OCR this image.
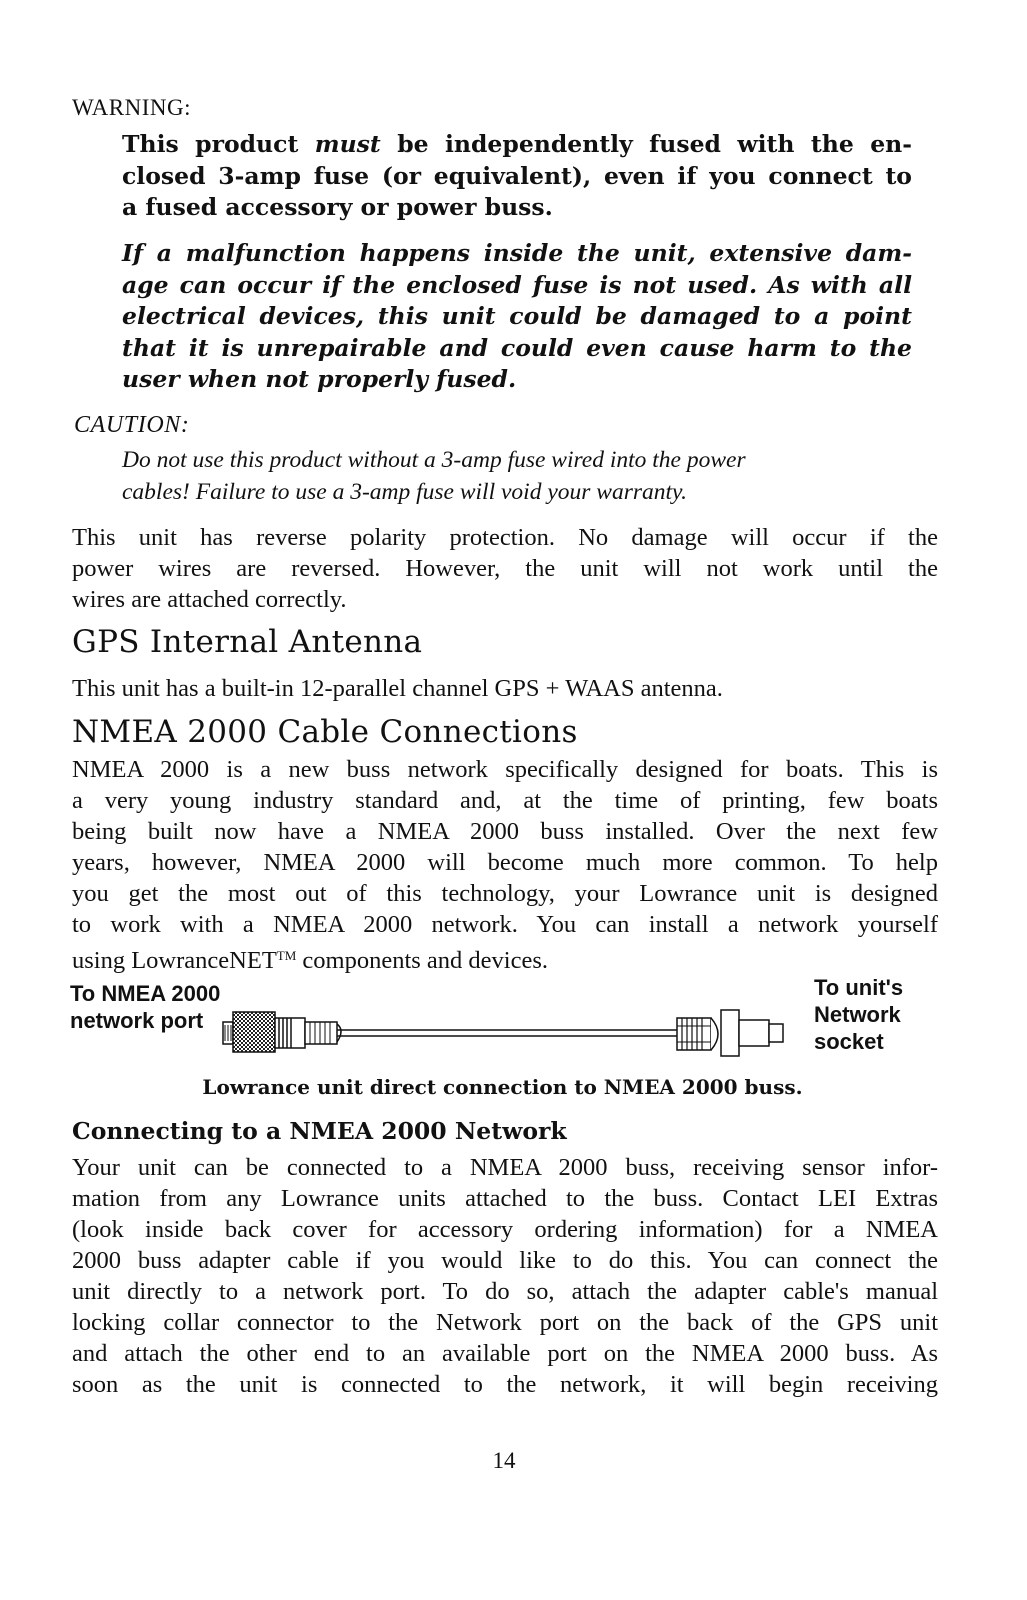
WARNING:
This product must be independently fused with the en-
closed 3-amp fuse (or equivalent), even if you connect to
a fused accessory or power buss.
If a malfunction happens inside the unit, extensive dam-
age can occur if the enclosed fuse is not used. As with all
electrical devices, this unit could be damaged to a point
that it is unrepairable and could even cause harm to the
user when not properly fused.
CAUTION:
Do not use this product without a 3-amp fuse wired into the power
cables! Failure to use a 3-amp fuse will void your warranty.
This unit has reverse polarity protection. No damage will occur if the
power wires are reversed. However, the unit will not work until the
wires are attached correctly.
GPS Internal Antenna
This unit has a built-in 12-parallel channel GPS + WAAS antenna.
NMEA 2000 Cable Connections
NMEA 2000 is a new buss network specifically designed for boats. This is
a very young industry standard and, at the time of printing, few boats
being built now have a NMEA 2000 buss installed. Over the next few
years, however, NMEA 2000 will become much more common. To help
you get the most out of this technology, your Lowrance unit is designed
to work with a NMEA 2000 network. You can install a network yourself
using LowranceNET™ components and devices.
To NMEA 2000
network port
To unit's
Network
socket
Lowrance unit direct connection to NMEA 2000 buss.
Connecting to a NMEA 2000 Network
Your unit can be connected to a NMEA 2000 buss, receiving sensor infor-
mation from any Lowrance units attached to the buss. Contact LEI Extras
(look inside back cover for accessory ordering information) for a NMEA
2000 buss adapter cable if you would like to do this. You can connect the
unit directly to a network port. To do so, attach the adapter cable's manual
locking collar connector to the Network port on the back of the GPS unit
and attach the other end to an available port on the NMEA 2000 buss. As
soon as the unit is connected to the network, it will begin receiving
14
